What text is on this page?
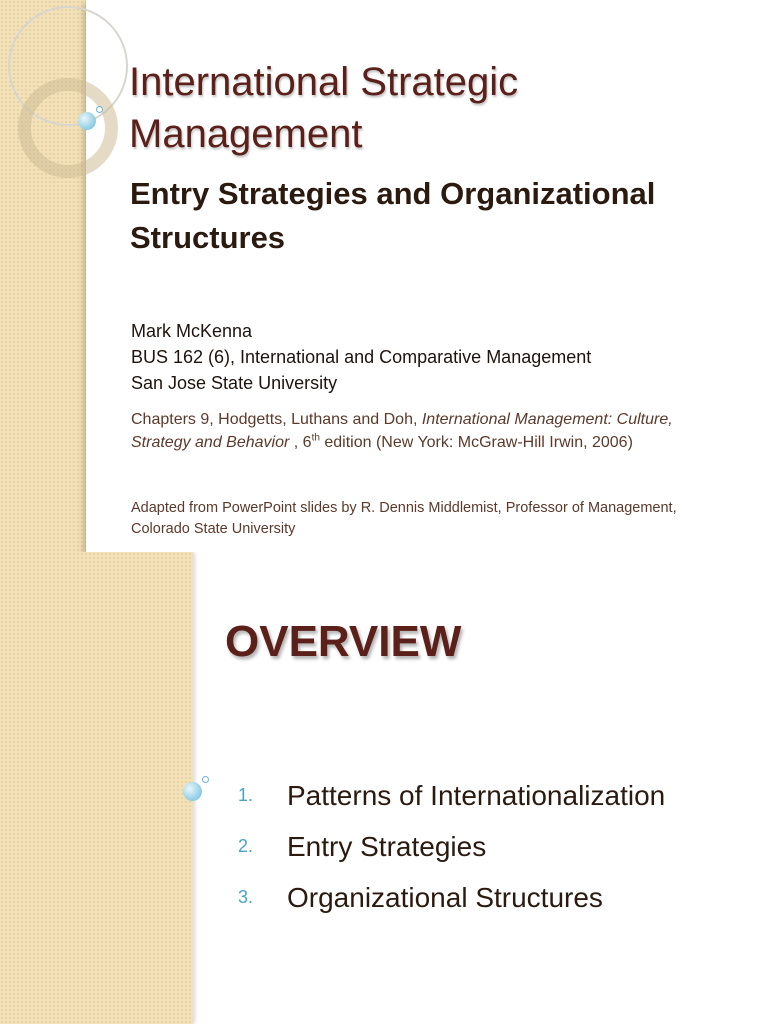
International Strategic Management
Entry Strategies and Organizational Structures
Mark McKenna
BUS 162 (6), International and Comparative Management
San Jose State University
Chapters 9, Hodgetts, Luthans and Doh, International Management: Culture, Strategy and Behavior , 6th edition (New York: McGraw-Hill Irwin, 2006)
Adapted from PowerPoint slides by R. Dennis Middlemist, Professor of Management, Colorado State University
OVERVIEW
1.	Patterns of Internationalization
2.	Entry Strategies
3.	Organizational Structures
